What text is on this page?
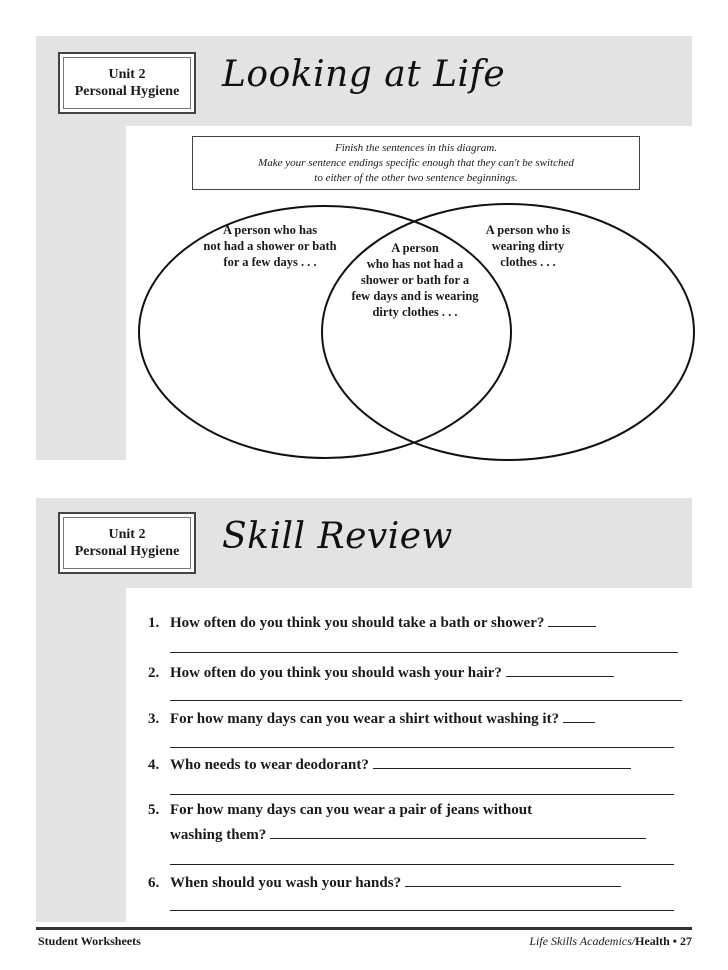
Unit 2
Personal Hygiene	Looking at Life
Finish the sentences in this diagram.
Make your sentence endings specific enough that they can't be switched
to either of the other two sentence beginnings.
A person who has
not had a shower or bath
for a few days . . .
A person
who has not had a
shower or bath for a
few days and is wearing
dirty clothes . . .
A person who is
wearing dirty
clothes . . .
Unit 2
Personal Hygiene	Skill Review
1. How often do you think you should take a bath or shower?
2. How often do you think you should wash your hair?
3. For how many days can you wear a shirt without washing it?
4. Who needs to wear deodorant?
5. For how many days can you wear a pair of jeans without
washing them?
6. When should you wash your hands?
Student Worksheets	Life Skills Academics/Health • 27
